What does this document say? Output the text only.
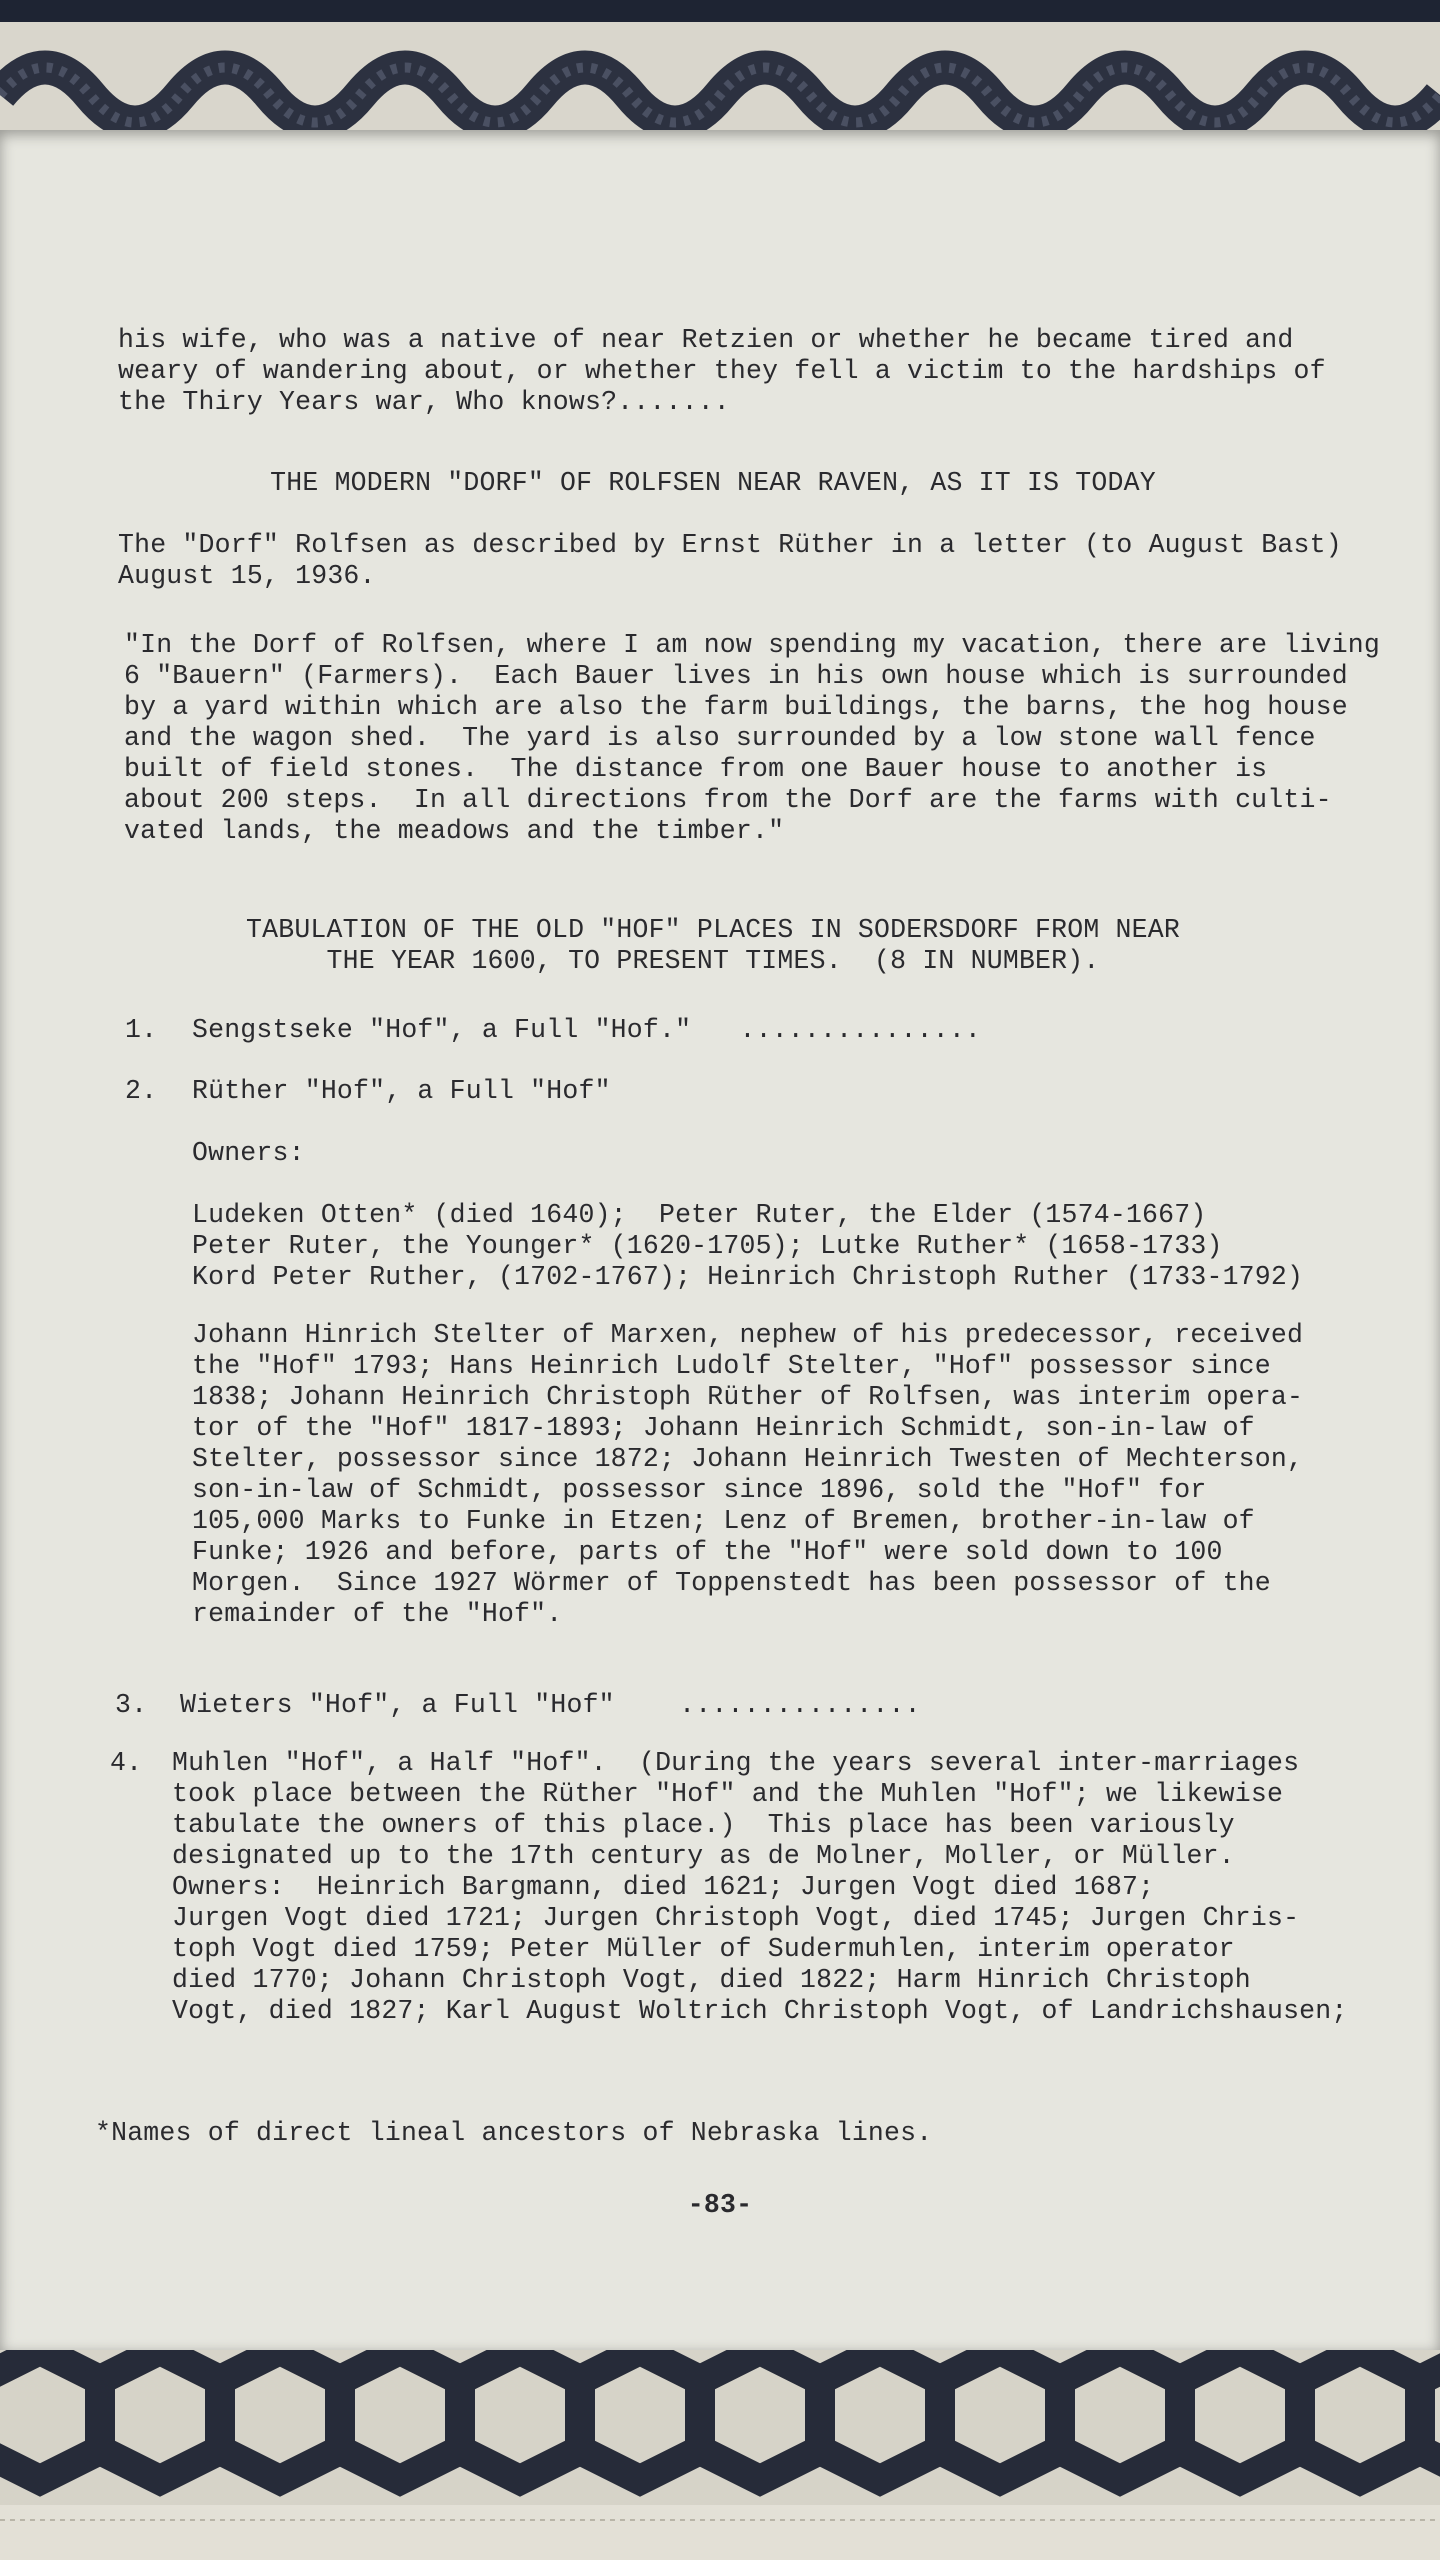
his wife, who was a native of near Retzien or whether he became tired and

weary of wandering about, or whether they fell a victim to the hardships of

the Thiry Years war, Who knows?.......

THE MODERN "DORF" OF ROLFSEN NEAR RAVEN, AS IT IS TODAY

The "Dorf" Rolfsen as described by Ernst Rüther in a letter (to August Bast)

August 15, 1936.

"In the Dorf of Rolfsen, where I am now spending my vacation, there are living

6 "Bauern" (Farmers).  Each Bauer lives in his own house which is surrounded

by a yard within which are also the farm buildings, the barns, the hog house

and the wagon shed.  The yard is also surrounded by a low stone wall fence

built of field stones.  The distance from one Bauer house to another is

about 200 steps.  In all directions from the Dorf are the farms with culti-

vated lands, the meadows and the timber."

TABULATION OF THE OLD "HOF" PLACES IN SODERSDORF FROM NEAR

THE YEAR 1600, TO PRESENT TIMES.  (8 IN NUMBER).

1. Sengstseke "Hof", a Full "Hof."   ...............

2. Rüther "Hof", a Full "Hof"

Owners:

Ludeken Otten* (died 1640);  Peter Ruter, the Elder (1574-1667)

Peter Ruter, the Younger* (1620-1705); Lutke Ruther* (1658-1733)

Kord Peter Ruther, (1702-1767); Heinrich Christoph Ruther (1733-1792)

Johann Hinrich Stelter of Marxen, nephew of his predecessor, received

the "Hof" 1793; Hans Heinrich Ludolf Stelter, "Hof" possessor since

1838; Johann Heinrich Christoph Rüther of Rolfsen, was interim opera-

tor of the "Hof" 1817-1893; Johann Heinrich Schmidt, son-in-law of

Stelter, possessor since 1872; Johann Heinrich Twesten of Mechterson,

son-in-law of Schmidt, possessor since 1896, sold the "Hof" for

105,000 Marks to Funke in Etzen; Lenz of Bremen, brother-in-law of

Funke; 1926 and before, parts of the "Hof" were sold down to 100

Morgen.  Since 1927 Wörmer of Toppenstedt has been possessor of the

remainder of the "Hof".

3. Wieters "Hof", a Full "Hof"    ...............

4. Muhlen "Hof", a Half "Hof".  (During the years several inter-marriages

took place between the Rüther "Hof" and the Muhlen "Hof"; we likewise

tabulate the owners of this place.)  This place has been variously

designated up to the 17th century as de Molner, Moller, or Müller.

Owners:  Heinrich Bargmann, died 1621; Jurgen Vogt died 1687;

Jurgen Vogt died 1721; Jurgen Christoph Vogt, died 1745; Jurgen Chris-

toph Vogt died 1759; Peter Müller of Sudermuhlen, interim operator

died 1770; Johann Christoph Vogt, died 1822; Harm Hinrich Christoph

Vogt, died 1827; Karl August Woltrich Christoph Vogt, of Landrichshausen;

*Names of direct lineal ancestors of Nebraska lines.

-83-
